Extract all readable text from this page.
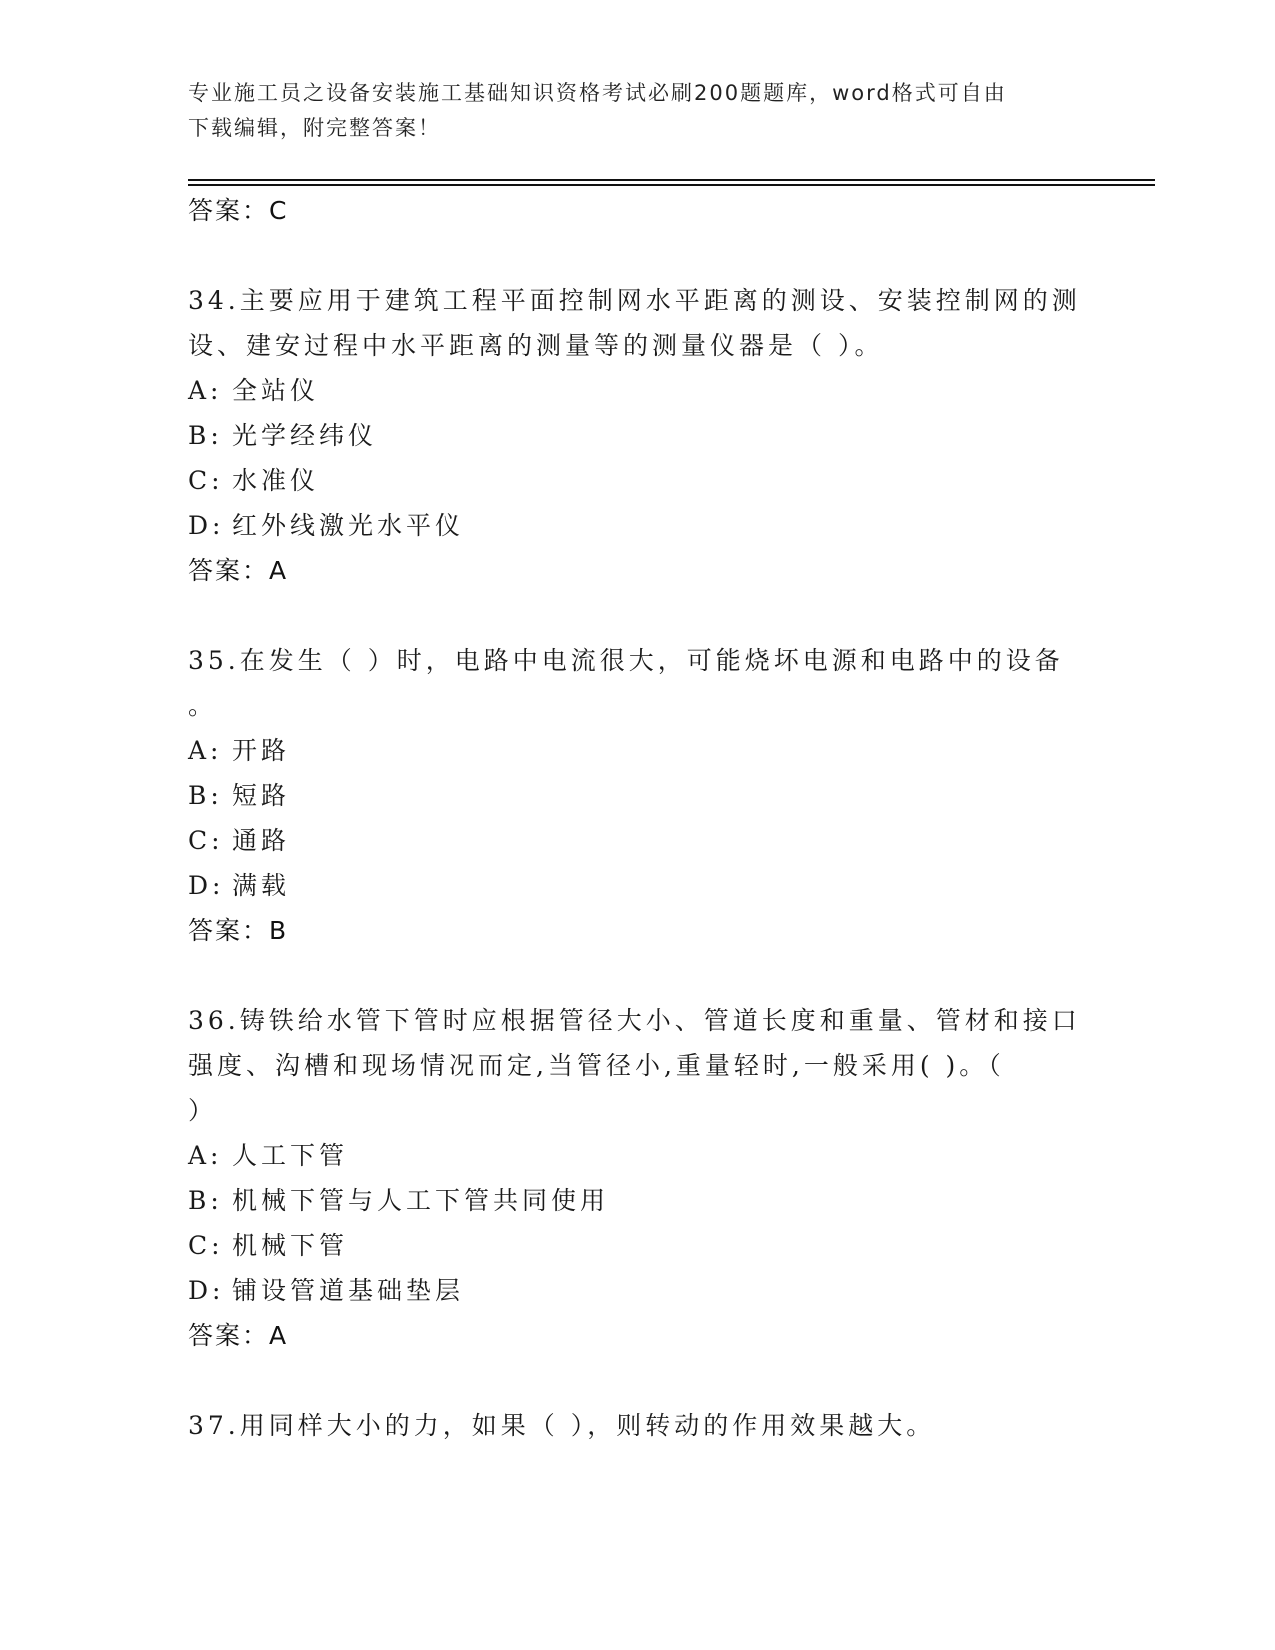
专业施工员之设备安装施工基础知识资格考试必刷200题题库，word格式可自由
下载编辑，附完整答案！
答案：C
34.主要应用于建筑工程平面控制网水平距离的测设、安装控制网的测
设、建安过程中水平距离的测量等的测量仪器是（ ）。
A: 全站仪
B: 光学经纬仪
C: 水准仪
D: 红外线激光水平仪
答案：A
35.在发生（ ）时，电路中电流很大，可能烧坏电源和电路中的设备
。
A: 开路
B: 短路
C: 通路
D: 满载
答案：B
36.铸铁给水管下管时应根据管径大小、管道长度和重量、管材和接口
强度、沟槽和现场情况而定,当管径小,重量轻时,一般采用( )。（
）
A: 人工下管
B: 机械下管与人工下管共同使用
C: 机械下管
D: 铺设管道基础垫层
答案：A
37.用同样大小的力，如果（ ），则转动的作用效果越大。
